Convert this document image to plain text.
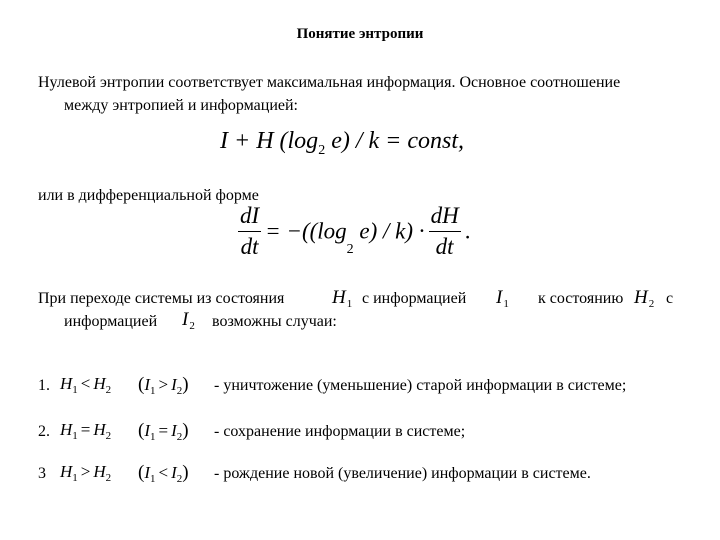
Понятие энтропии
Нулевой энтропии соответствует максимальная информация. Основное соотношение
между энтропией и информацией:
I + H ($\log_2$ e) / k = const,
или в дифференциальной форме
$\frac{dI}{dt} = -((\log_2$ $e) / k) \cdot \frac{dH}{dt}$ .
При переходе системы из состояния	$H_1$ с информацией $I_1$ к состоянию $H_2$ с
информацией $I_2$ возможны случаи:
1. $H_1 < H_2$ $(I_1 > I_2)$ - уничтожение (уменьшение) старой информации в системе;
2. $H_1 = H_2$ $(I_1 = I_2)$ - сохранение информации в системе;
3 $H_1 > H_2$ $(I_1 < I_2)$ - рождение новой (увеличение) информации в системе.
